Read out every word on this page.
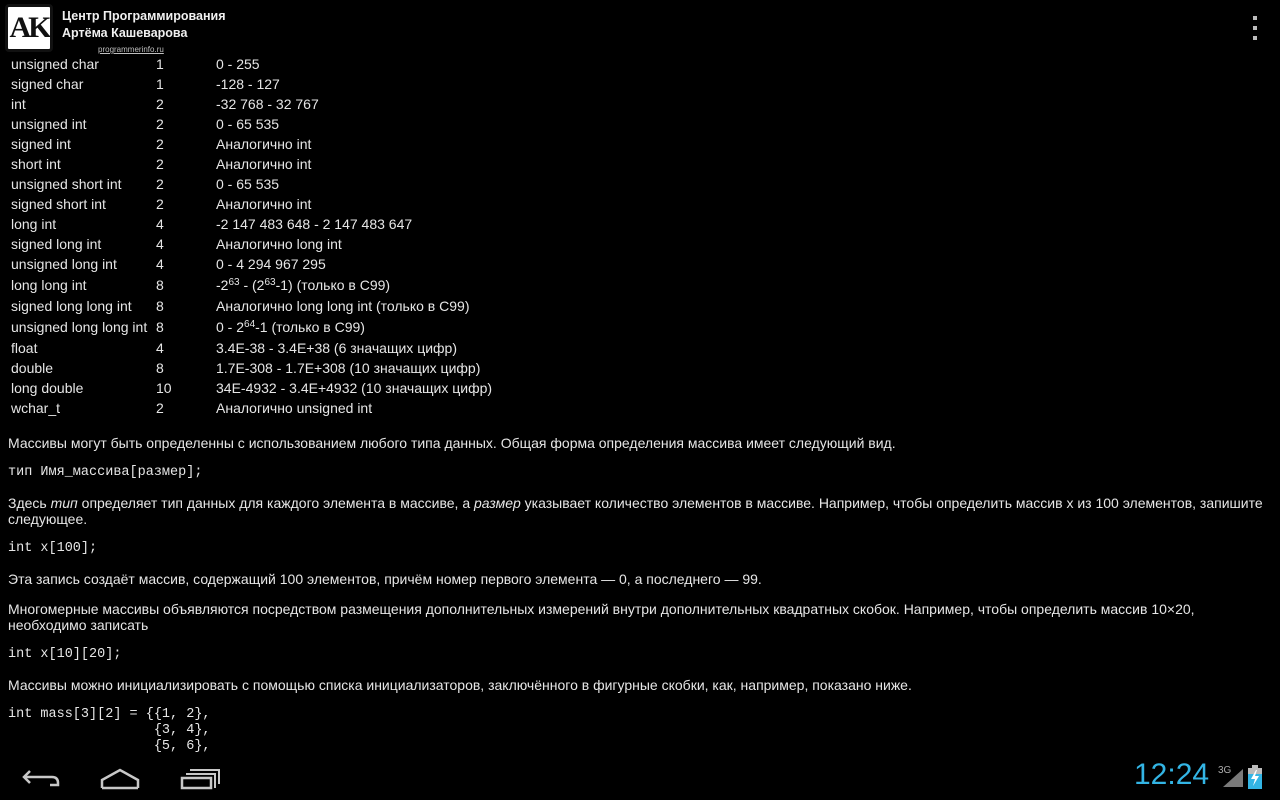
AK Центр Программирования
Артёма Кашеварова
programmerinfo.ru
unsigned char	1	0 - 255
signed char	1	-128 - 127
int	2	-32 768 - 32 767
unsigned int	2	0 - 65 535
signed int	2	Аналогично int
short int	2	Аналогично int
unsigned short int	2	0 - 65 535
signed short int	2	Аналогично int
long int	4	-2 147 483 648 - 2 147 483 647
signed long int	4	Аналогично long int
unsigned long int	4	0 - 4 294 967 295
long long int	8	$-2^{63} - (2^{63}-1)$ (только в C99)
signed long long int	8	Аналогично long long int (только в C99)
unsigned long long int	8	$0 - 2^{64}-1$ (только в C99)
float	4	3.4E-38 - 3.4E+38 (6 значащих цифр)
double	8	1.7E-308 - 1.7E+308 (10 значащих цифр)
long double	10	34E-4932 - 3.4E+4932 (10 значащих цифр)
wchar_t	2	Аналогично unsigned int

Массивы могут быть определенны с использованием любого типа данных. Общая форма определения массива имеет следующий вид.

тип Имя_массива[размер];

Здесь тип определяет тип данных для каждого элемента в массиве, а размер указывает количество элементов в массиве. Например, чтобы определить массив x из 100 элементов, запишите следующее.

int x[100];

Эта запись создаёт массив, содержащий 100 элементов, причём номер первого элемента — 0, а последнего — 99.

Многомерные массивы объявляются посредством размещения дополнительных измерений внутри дополнительных квадратных скобок. Например, чтобы определить массив 10×20, необходимо записать

int x[10][20];

Массивы можно инициализировать с помощью списка инициализаторов, заключённого в фигурные скобки, как, например, показано ниже.

int mass[3][2] = {{1, 2},
{3, 4},
{5, 6},
12:24 3G
